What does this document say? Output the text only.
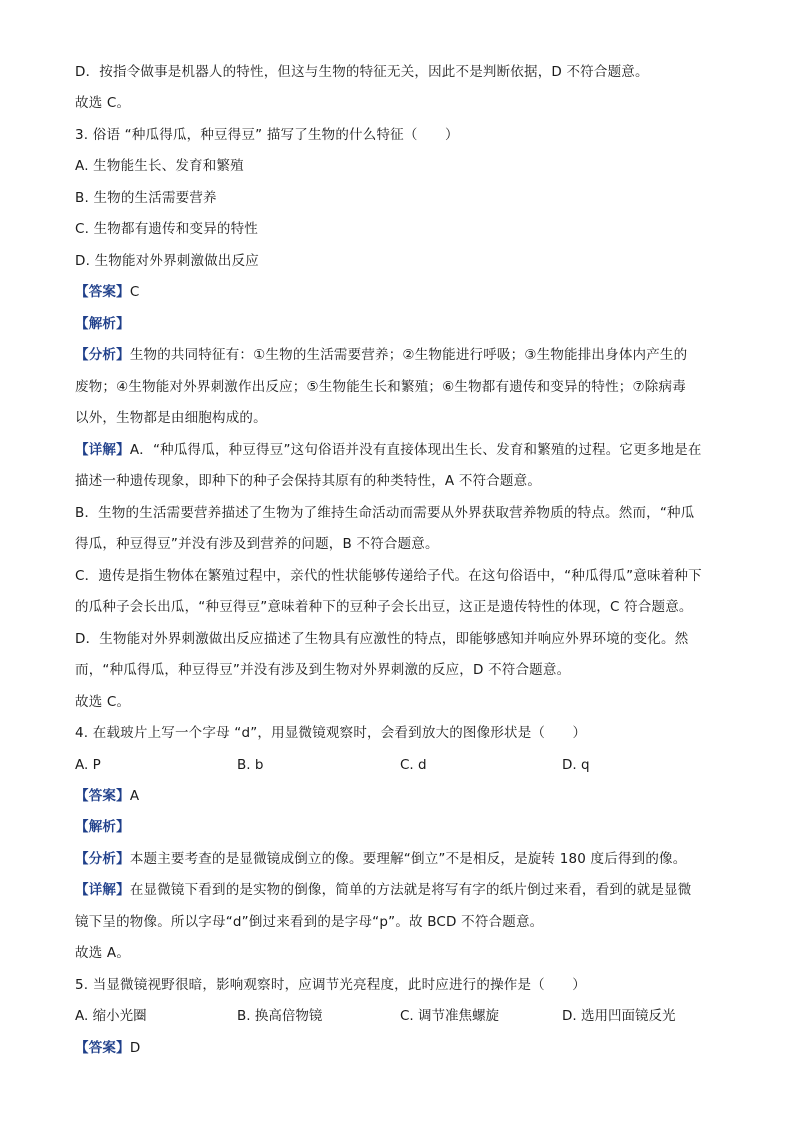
D．按指令做事是机器人的特性，但这与生物的特征无关，因此不是判断依据，D 不符合题意。
故选 C。
3. 俗语 “种瓜得瓜，种豆得豆” 描写了生物的什么特征（　　）
A. 生物能生长、发育和繁殖
B. 生物的生活需要营养
C. 生物都有遗传和变异的特性
D. 生物能对外界刺激做出反应
【答案】C
【解析】
【分析】生物的共同特征有：①生物的生活需要营养；②生物能进行呼吸；③生物能排出身体内产生的
废物；④生物能对外界刺激作出反应；⑤生物能生长和繁殖；⑥生物都有遗传和变异的特性；⑦除病毒
以外，生物都是由细胞构成的。
【详解】A．“种瓜得瓜，种豆得豆”这句俗语并没有直接体现出生长、发育和繁殖的过程。它更多地是在
描述一种遗传现象，即种下的种子会保持其原有的种类特性，A 不符合题意。
B．生物的生活需要营养描述了生物为了维持生命活动而需要从外界获取营养物质的特点。然而，“种瓜
得瓜，种豆得豆”并没有涉及到营养的问题，B 不符合题意。
C．遗传是指生物体在繁殖过程中，亲代的性状能够传递给子代。在这句俗语中，“种瓜得瓜”意味着种下
的瓜种子会长出瓜，“种豆得豆”意味着种下的豆种子会长出豆，这正是遗传特性的体现，C 符合题意。
D．生物能对外界刺激做出反应描述了生物具有应激性的特点，即能够感知并响应外界环境的变化。然
而，“种瓜得瓜，种豆得豆”并没有涉及到生物对外界刺激的反应，D 不符合题意。
故选 C。
4. 在载玻片上写一个字母 “d”，用显微镜观察时，会看到放大的图像形状是（　　）
A. P	B. b	C. d	D. q
【答案】A
【解析】
【分析】本题主要考查的是显微镜成倒立的像。要理解“倒立”不是相反，是旋转 180 度后得到的像。
【详解】在显微镜下看到的是实物的倒像，简单的方法就是将写有字的纸片倒过来看，看到的就是显微
镜下呈的物像。所以字母“d”倒过来看到的是字母“p”。故 BCD 不符合题意。
故选 A。
5. 当显微镜视野很暗，影响观察时，应调节光亮程度，此时应进行的操作是（　　）
A. 缩小光圈	B. 换高倍物镜	C. 调节准焦螺旋	D. 选用凹面镜反光
【答案】D
